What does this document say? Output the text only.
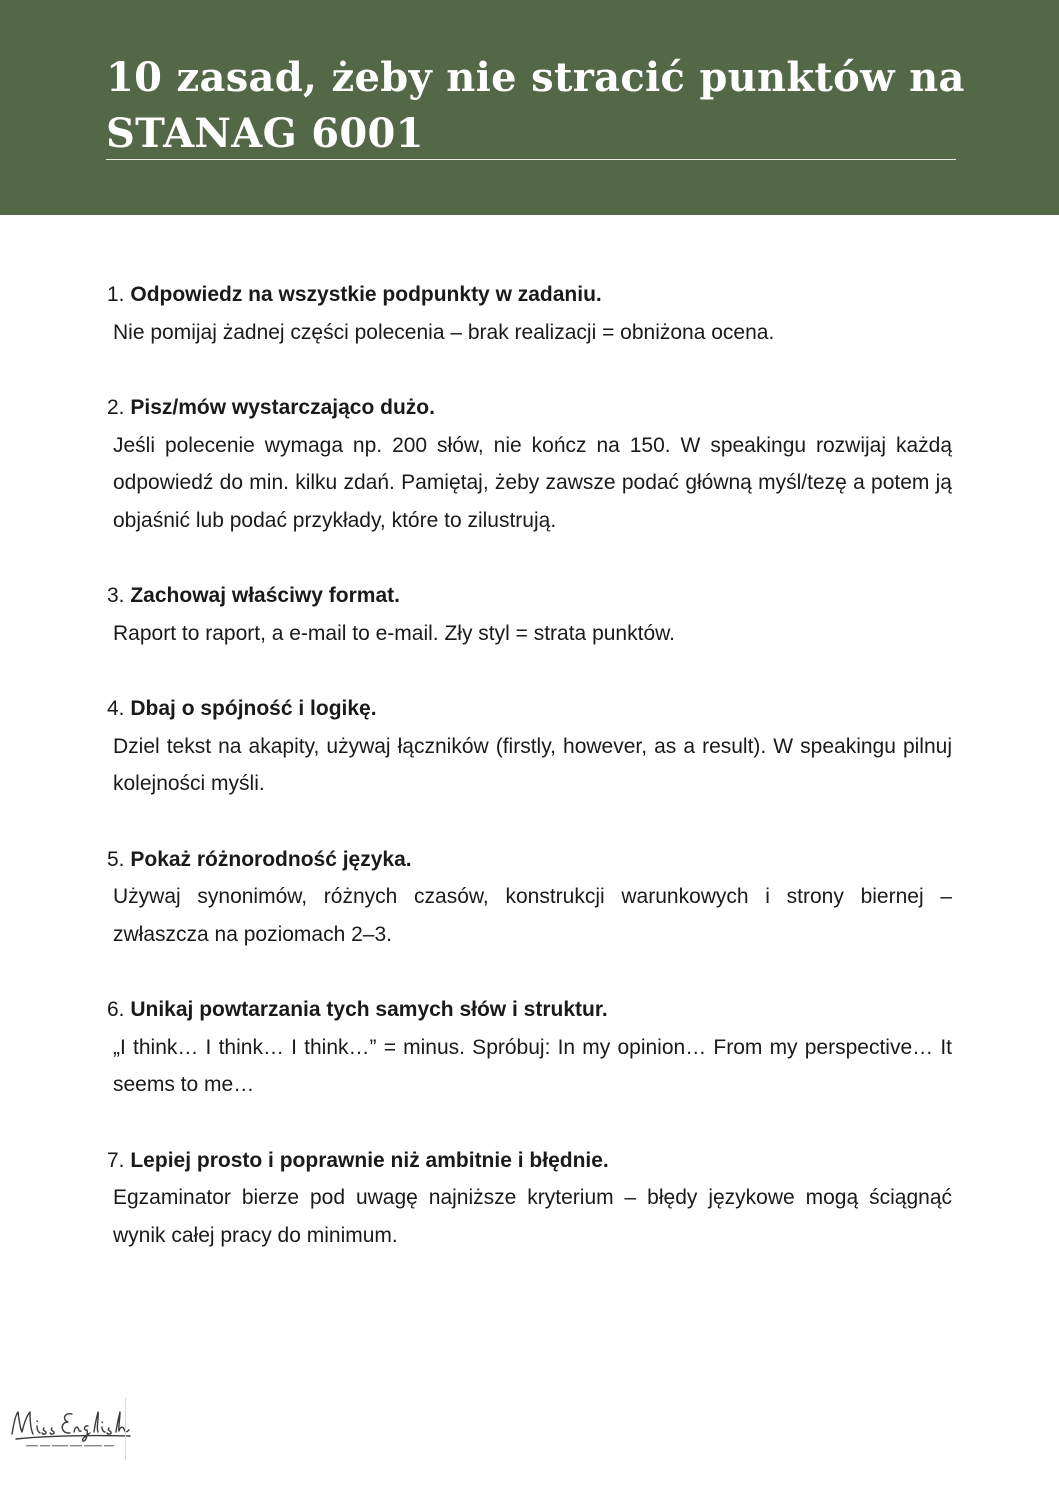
10 zasad, żeby nie stracić punktów na STANAG 6001

1. Odpowiedz na wszystkie podpunkty w zadaniu.

Nie pomijaj żadnej części polecenia – brak realizacji = obniżona ocena.

2. Pisz/mów wystarczająco dużo.

Jeśli polecenie wymaga np. 200 słów, nie kończ na 150. W speakingu rozwijaj każdą odpowiedź do min. kilku zdań. Pamiętaj, żeby zawsze podać główną myśl/tezę a potem ją objaśnić lub podać przykłady, które to zilustrują.

3. Zachowaj właściwy format.

Raport to raport, a e-mail to e-mail. Zły styl = strata punktów.

4. Dbaj o spójność i logikę.

Dziel tekst na akapity, używaj łączników (firstly, however, as a result). W speakingu pilnuj kolejności myśli.

5. Pokaż różnorodność języka.

Używaj synonimów, różnych czasów, konstrukcji warunkowych i strony biernej – zwłaszcza na poziomach 2–3.

6. Unikaj powtarzania tych samych słów i struktur.

„I think… I think… I think…” = minus. Spróbuj: In my opinion… From my perspective… It seems to me…

7. Lepiej prosto i poprawnie niż ambitnie i błędnie.

Egzaminator bierze pod uwagę najniższe kryterium – błędy językowe mogą ściągnąć wynik całej pracy do minimum.
